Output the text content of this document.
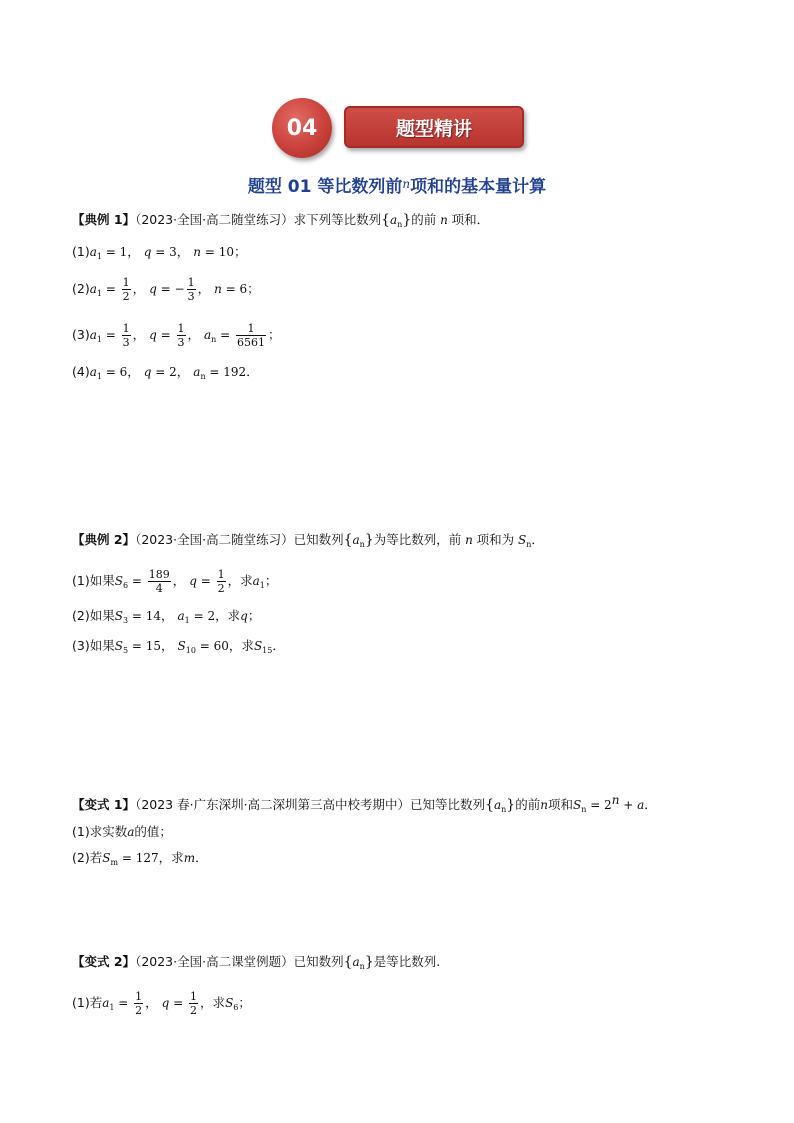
04	题型精讲
题型 01 等比数列前$^n$项和的基本量计算
【典例 1】（2023·全国·高二随堂练习）求下列等比数列$\{a_n\}$的前 n 项和．
$(1)a_1 = 1$， q = 3， n = 10；
$(2)a_1 = \frac{1}{2}$ ， q = − $\frac{1}{3}$ ， n = 6；
$(3)a_1 = \frac{1}{3}$ ， $q = \frac{1}{3}$ ， $a_n = \frac{1}{6561}$ ；
$(4)a_1 = 6$， q = 2， $a_n = 192$．
【典例 2】（2023·全国·高二随堂练习）已知数列$\{a_n\}$为等比数列，前 n 项和为 $S_n$．
(1)如果$S_6 = \frac{189}{4}$ ， $q = \frac{1}{2}$ ，求$a_1$；
(2)如果$S_3 = 14$， $a_1 = 2$，求q；
(3)如果$S_5 = 15$， $S_{10} = 60$，求$S_{15}$．
【变式 1】（2023 春·广东深圳·高二深圳第三高中校考期中）已知等比数列$\{a_n\}$的前n项和$S_n = 2^n + a$．
(1)求实数a的值；
(2)若$S_m = 127$，求m．
【变式 2】（2023·全国·高二课堂例题）已知数列$\{a_n\}$是等比数列.
(1)若$a_1 = \frac{1}{2}$ ， $q = \frac{1}{2}$ ，求$S_6$；
